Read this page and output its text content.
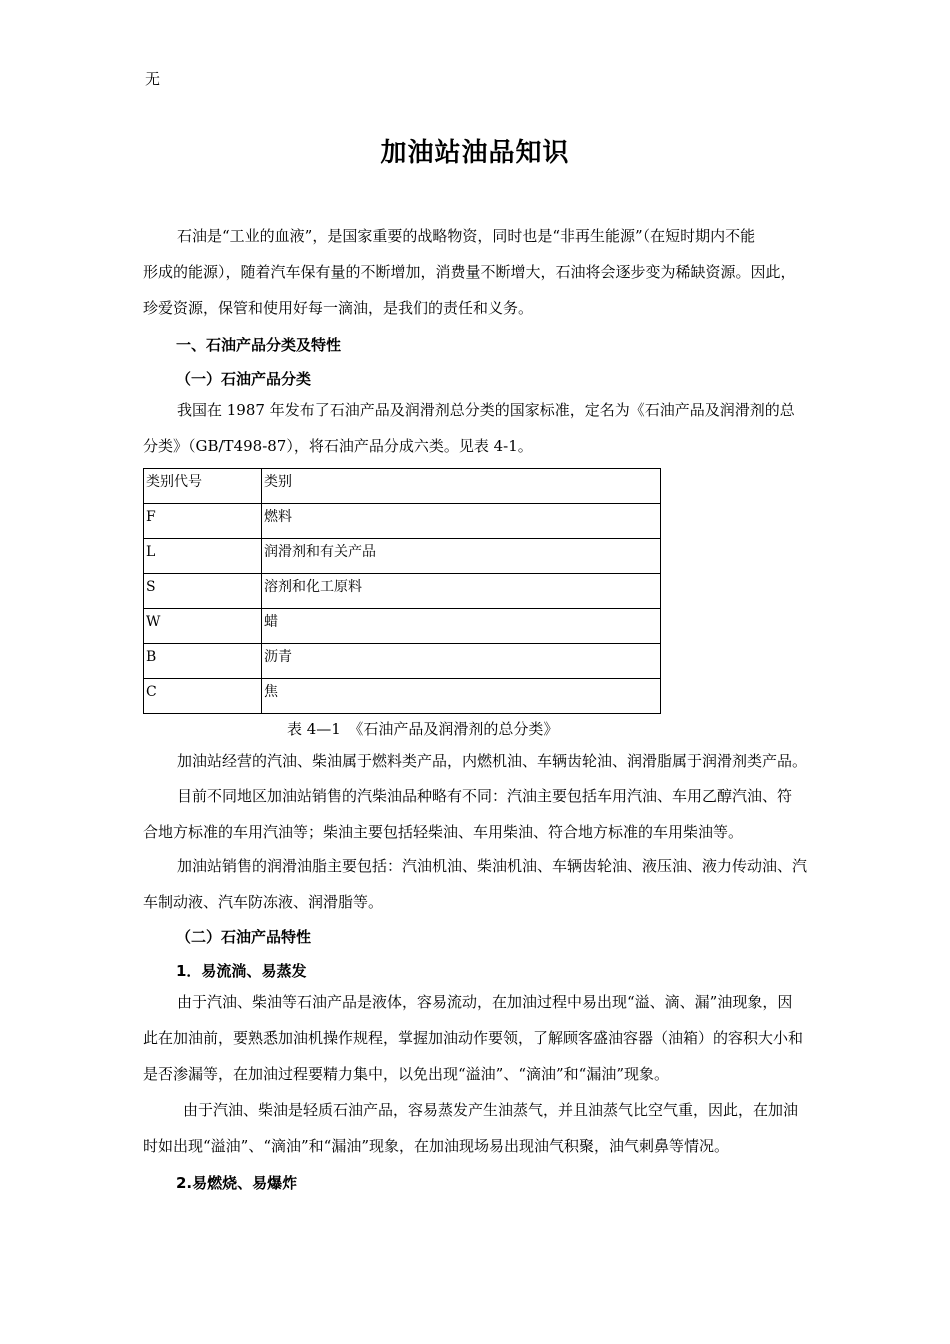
无
加油站油品知识
石油是“工业的血液”，是国家重要的战略物资，同时也是“非再生能源”（在短时期内不能
形成的能源），随着汽车保有量的不断增加，消费量不断增大，石油将会逐步变为稀缺资源。因此，
珍爱资源，保管和使用好每一滴油，是我们的责任和义务。
一、石油产品分类及特性
（一）石油产品分类
我国在 1987 年发布了石油产品及润滑剂总分类的国家标准，定名为《石油产品及润滑剂的总
分类》（GB/T498-87），将石油产品分成六类。见表 4-1。
类别代号	类别
F	燃料
L	润滑剂和有关产品
S	溶剂和化工原料
W	蜡
B	沥青
C	焦
表 4—1　《石油产品及润滑剂的总分类》
加油站经营的汽油、柴油属于燃料类产品，内燃机油、车辆齿轮油、润滑脂属于润滑剂类产品。
目前不同地区加油站销售的汽柴油品种略有不同：汽油主要包括车用汽油、车用乙醇汽油、符
合地方标准的车用汽油等；柴油主要包括轻柴油、车用柴油、符合地方标准的车用柴油等。
加油站销售的润滑油脂主要包括：汽油机油、柴油机油、车辆齿轮油、液压油、液力传动油、汽
车制动液、汽车防冻液、润滑脂等。
（二）石油产品特性
1．易流淌、易蒸发
由于汽油、柴油等石油产品是液体，容易流动，在加油过程中易出现“溢、滴、漏”油现象，因
此在加油前，要熟悉加油机操作规程，掌握加油动作要领，了解顾客盛油容器（油箱）的容积大小和
是否渗漏等，在加油过程要精力集中，以免出现“溢油”、“滴油”和“漏油”现象。
由于汽油、柴油是轻质石油产品，容易蒸发产生油蒸气，并且油蒸气比空气重，因此，在加油
时如出现“溢油”、“滴油”和“漏油”现象，在加油现场易出现油气积聚，油气刺鼻等情况。
2.易燃烧、易爆炸
